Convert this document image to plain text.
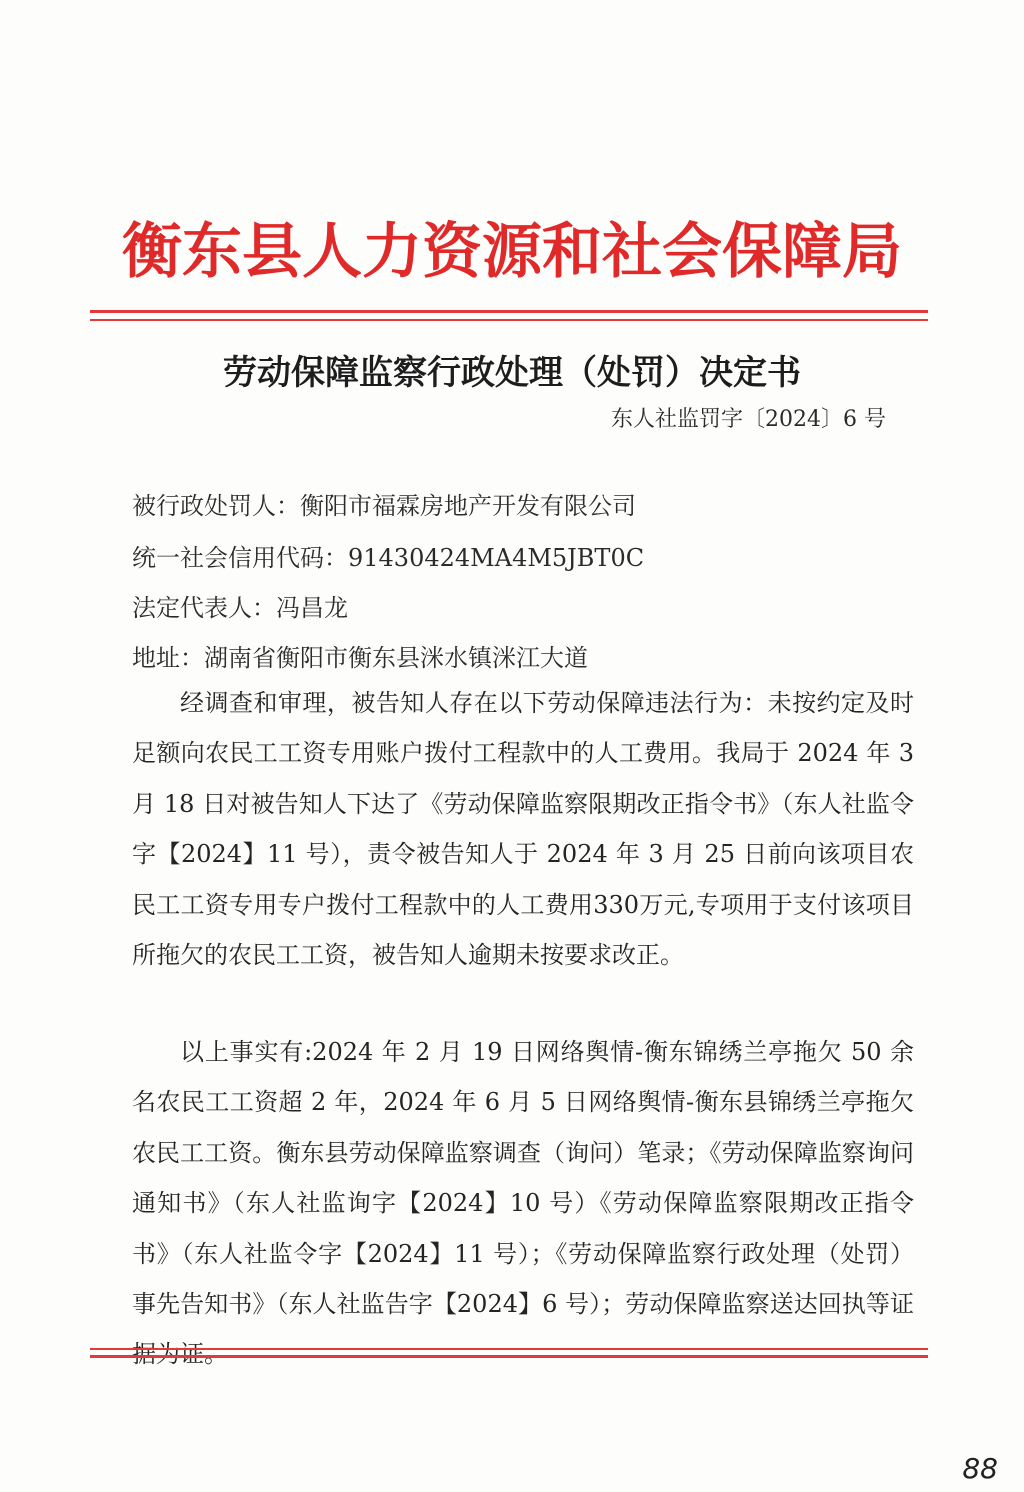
衡东县人力资源和社会保障局
劳动保障监察行政处理（处罚）决定书
东人社监罚字〔2024〕6 号
被行政处罚人：衡阳市福霖房地产开发有限公司
统一社会信用代码：91430424MA4M5JBT0C
法定代表人：冯昌龙
地址：湖南省衡阳市衡东县洣水镇洣江大道

经调查和审理，被告知人存在以下劳动保障违法行为：未按约定及时足额向农民工工资专用账户拨付工程款中的人工费用。我局于 2024 年 3 月 18 日对被告知人下达了《劳动保障监察限期改正指令书》（东人社监令字【2024】11 号），责令被告知人于 2024 年 3 月 25 日前向该项目农民工工资专用专户拨付工程款中的人工费用330万元,专项用于支付该项目所拖欠的农民工工资，被告知人逾期未按要求改正。

以上事实有:2024 年 2 月 19 日网络舆情-衡东锦绣兰亭拖欠 50 余名农民工工资超 2 年，2024 年 6 月 5 日网络舆情-衡东县锦绣兰亭拖欠农民工工资。衡东县劳动保障监察调查（询问）笔录；《劳动保障监察询问通知书》（东人社监询字【2024】10 号）《劳动保障监察限期改正指令书》（东人社监令字【2024】11 号）；《劳动保障监察行政处理（处罚）事先告知书》（东人社监告字【2024】6 号）；劳动保障监察送达回执等证

88
